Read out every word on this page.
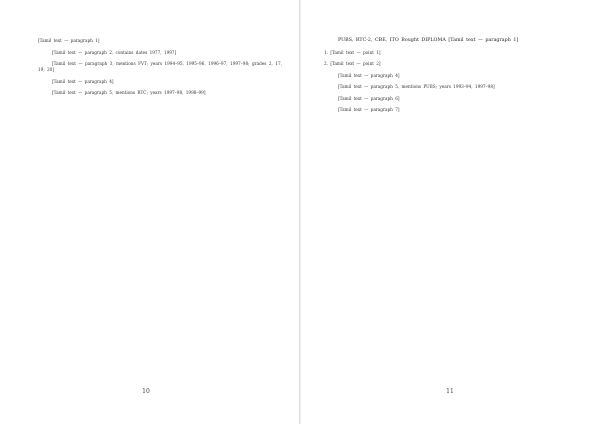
[Tamil text — paragraph 1]

[Tamil text — paragraph 2, contains dates 1977, 1997]

[Tamil text — paragraph 3, mentions FVT; years 1994–95, 1995–96, 1996–97, 1997–98; grades 2, 17, 19, 20]

[Tamil text — paragraph 4]

[Tamil text — paragraph 5, mentions RTC; years 1997–98, 1998–99]

PUBS, RTC-2, CBE, ITO Bought DIPLOMA [Tamil text — paragraph 1]

1. [Tamil text — point 1]

2. [Tamil text — point 2]

[Tamil text — paragraph 4]

[Tamil text — paragraph 5, mentions PUBS; years 1993–94, 1997–98]

[Tamil text — paragraph 6]

[Tamil text — paragraph 7]

10	11
